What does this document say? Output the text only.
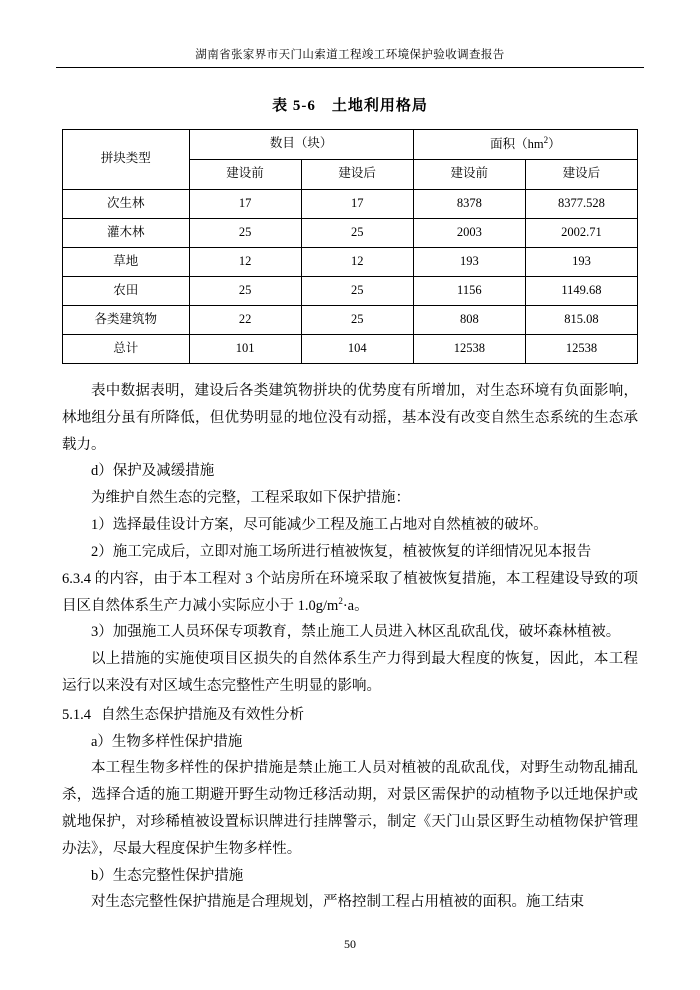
湖南省张家界市天门山索道工程竣工环境保护验收调查报告
表 5-6 土地利用格局
拼块类型	数目（块）		面积$(hm^2)$	
	建设前	建设后	建设前	建设后
次生林	17	17	8378	8377.528
灌木林	25	25	2003	2002.71
草地	12	12	193	193
农田	25	25	1156	1149.68
各类建筑物	22	25	808	815.08
总计	101	104	12538	12538

表中数据表明，建设后各类建筑物拼块的优势度有所增加，对生态环境有负面影响，林地组分虽有所降低，但优势明显的地位没有动摇，基本没有改变自然生态系统的生态承载力。

d）保护及减缓措施

为维护自然生态的完整，工程采取如下保护措施：

1）选择最佳设计方案，尽可能减少工程及施工占地对自然植被的破坏。

2）施工完成后，立即对施工场所进行植被恢复，植被恢复的详细情况见本报告
6.3.4 的内容，由于本工程对 3 个站房所在环境采取了植被恢复措施，本工程建设导致的项目区自然体系生产力减小实际应小于 $1.0g/m^2\cdot a$。

3）加强施工人员环保专项教育，禁止施工人员进入林区乱砍乱伐，破坏森林植被。

以上措施的实施使项目区损失的自然体系生产力得到最大程度的恢复，因此，本工程运行以来没有对区域生态完整性产生明显的影响。

5.1.4 自然生态保护措施及有效性分析

a）生物多样性保护措施

本工程生物多样性的保护措施是禁止施工人员对植被的乱砍乱伐，对野生动物乱捕乱杀，选择合适的施工期避开野生动物迁移活动期，对景区需保护的动植物予以迁地保护或就地保护，对珍稀植被设置标识牌进行挂牌警示，制定《天门山景区野生动植物保护管理办法》，尽最大程度保护生物多样性。

b）生态完整性保护措施

对生态完整性保护措施是合理规划，严格控制工程占用植被的面积。施工结束

50
